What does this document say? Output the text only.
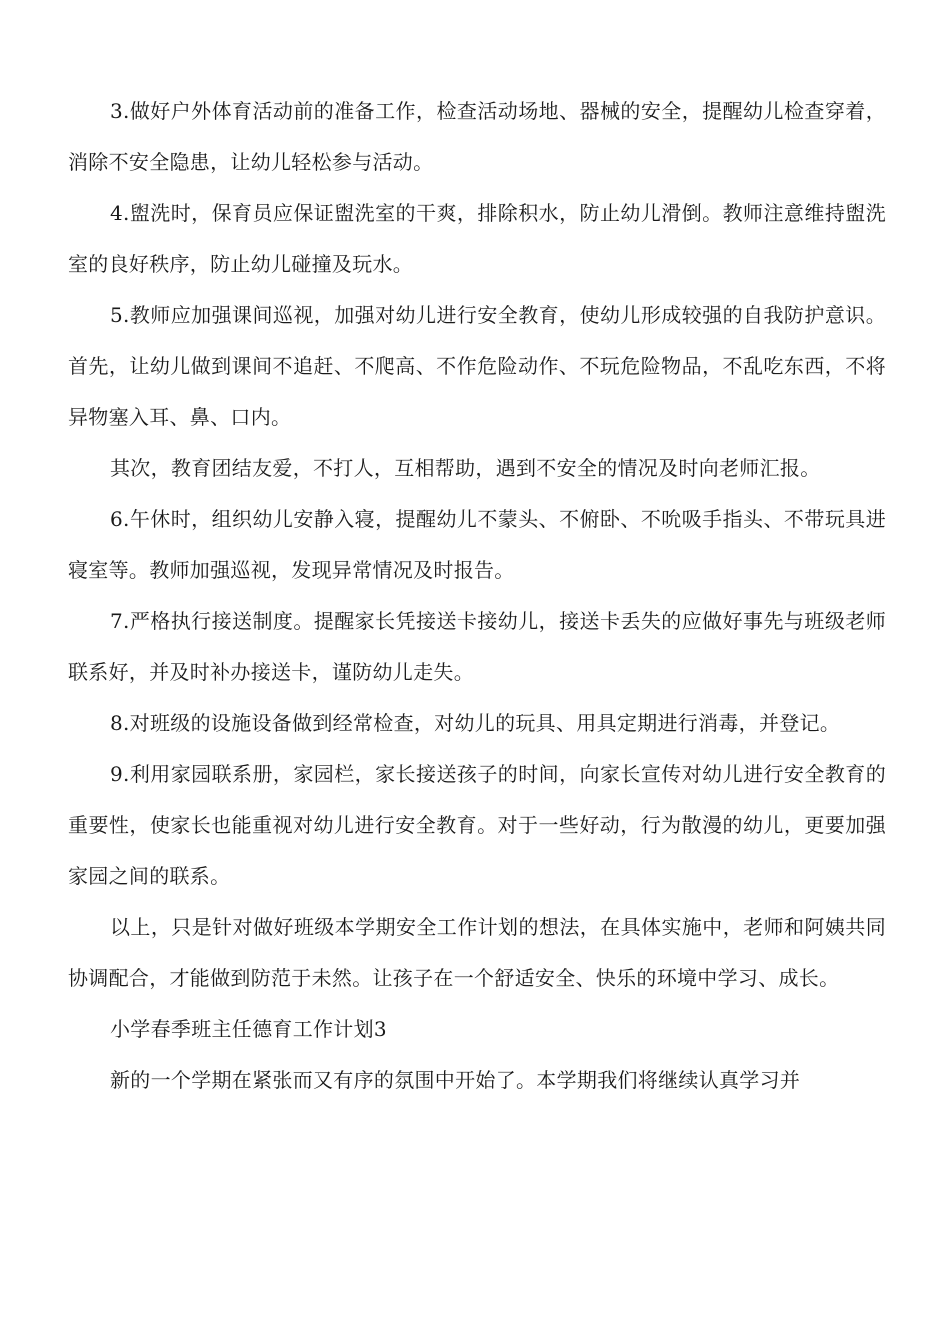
3.做好户外体育活动前的准备工作，检查活动场地、器械的安全，提醒幼儿检查穿着，消除不安全隐患，让幼儿轻松参与活动。

4.盥洗时，保育员应保证盥洗室的干爽，排除积水，防止幼儿滑倒。教师注意维持盥洗室的良好秩序，防止幼儿碰撞及玩水。

5.教师应加强课间巡视，加强对幼儿进行安全教育，使幼儿形成较强的自我防护意识。首先，让幼儿做到课间不追赶、不爬高、不作危险动作、不玩危险物品，不乱吃东西，不将异物塞入耳、鼻、口内。

其次，教育团结友爱，不打人，互相帮助，遇到不安全的情况及时向老师汇报。

6.午休时，组织幼儿安静入寝，提醒幼儿不蒙头、不俯卧、不吮吸手指头、不带玩具进寝室等。教师加强巡视，发现异常情况及时报告。

7.严格执行接送制度。提醒家长凭接送卡接幼儿，接送卡丢失的应做好事先与班级老师联系好，并及时补办接送卡，谨防幼儿走失。

8.对班级的设施设备做到经常检查，对幼儿的玩具、用具定期进行消毒，并登记。

9.利用家园联系册，家园栏，家长接送孩子的时间，向家长宣传对幼儿进行安全教育的重要性，使家长也能重视对幼儿进行安全教育。对于一些好动，行为散漫的幼儿，更要加强家园之间的联系。

以上，只是针对做好班级本学期安全工作计划的想法，在具体实施中，老师和阿姨共同协调配合，才能做到防范于未然。让孩子在一个舒适安全、快乐的环境中学习、成长。

小学春季班主任德育工作计划3

新的一个学期在紧张而又有序的氛围中开始了。本学期我们将继续认真学习并
